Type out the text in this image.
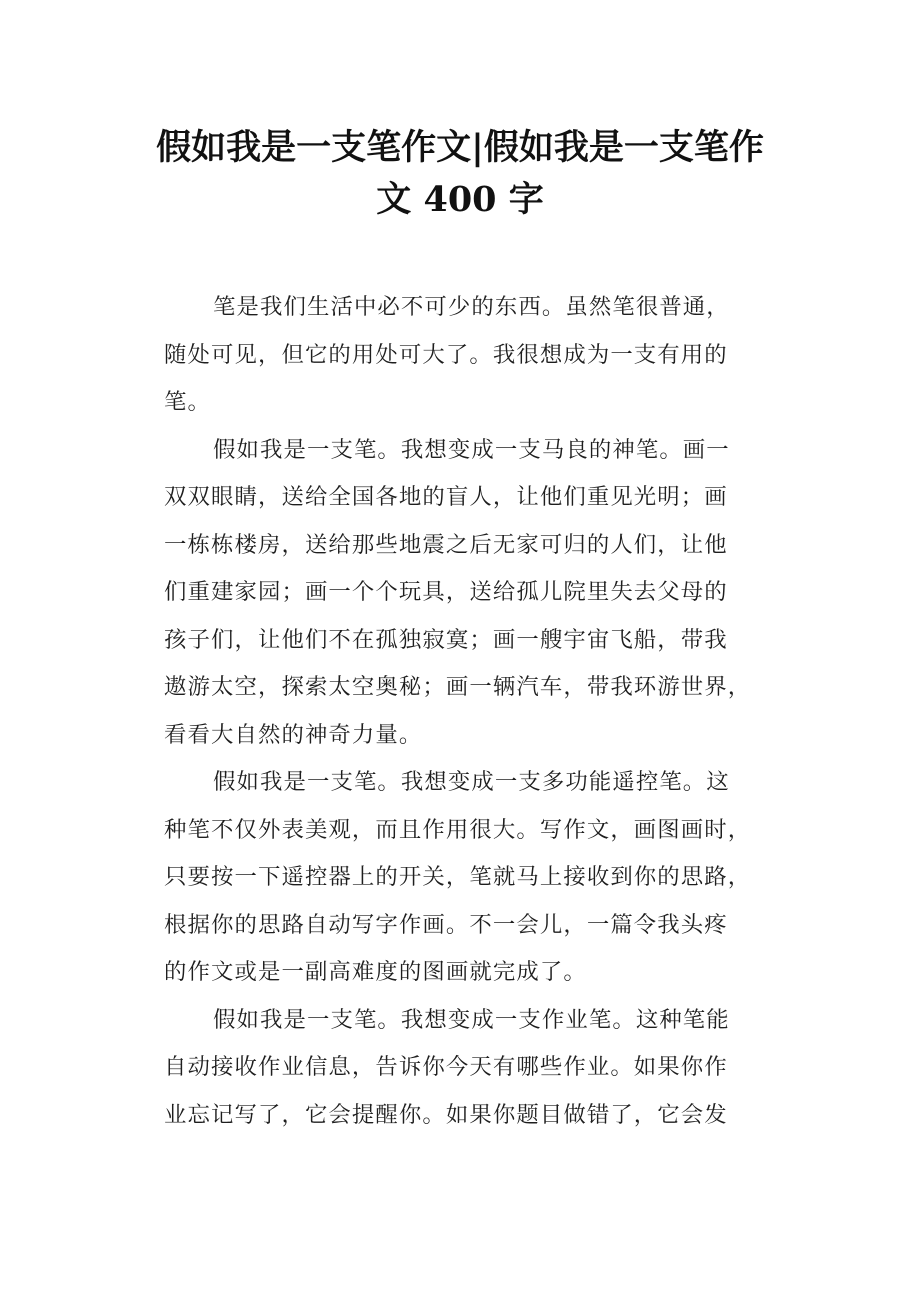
假如我是一支笔作文|假如我是一支笔作
文 400 字
笔是我们生活中必不可少的东西。虽然笔很普通，
随处可见，但它的用处可大了。我很想成为一支有用的
笔。
假如我是一支笔。我想变成一支马良的神笔。画一
双双眼睛，送给全国各地的盲人，让他们重见光明；画
一栋栋楼房，送给那些地震之后无家可归的人们，让他
们重建家园；画一个个玩具，送给孤儿院里失去父母的
孩子们，让他们不在孤独寂寞；画一艘宇宙飞船，带我
遨游太空，探索太空奥秘；画一辆汽车，带我环游世界，
看看大自然的神奇力量。
假如我是一支笔。我想变成一支多功能遥控笔。这
种笔不仅外表美观，而且作用很大。写作文，画图画时，
只要按一下遥控器上的开关，笔就马上接收到你的思路，
根据你的思路自动写字作画。不一会儿，一篇令我头疼
的作文或是一副高难度的图画就完成了。
假如我是一支笔。我想变成一支作业笔。这种笔能
自动接收作业信息，告诉你今天有哪些作业。如果你作
业忘记写了，它会提醒你。如果你题目做错了，它会发
